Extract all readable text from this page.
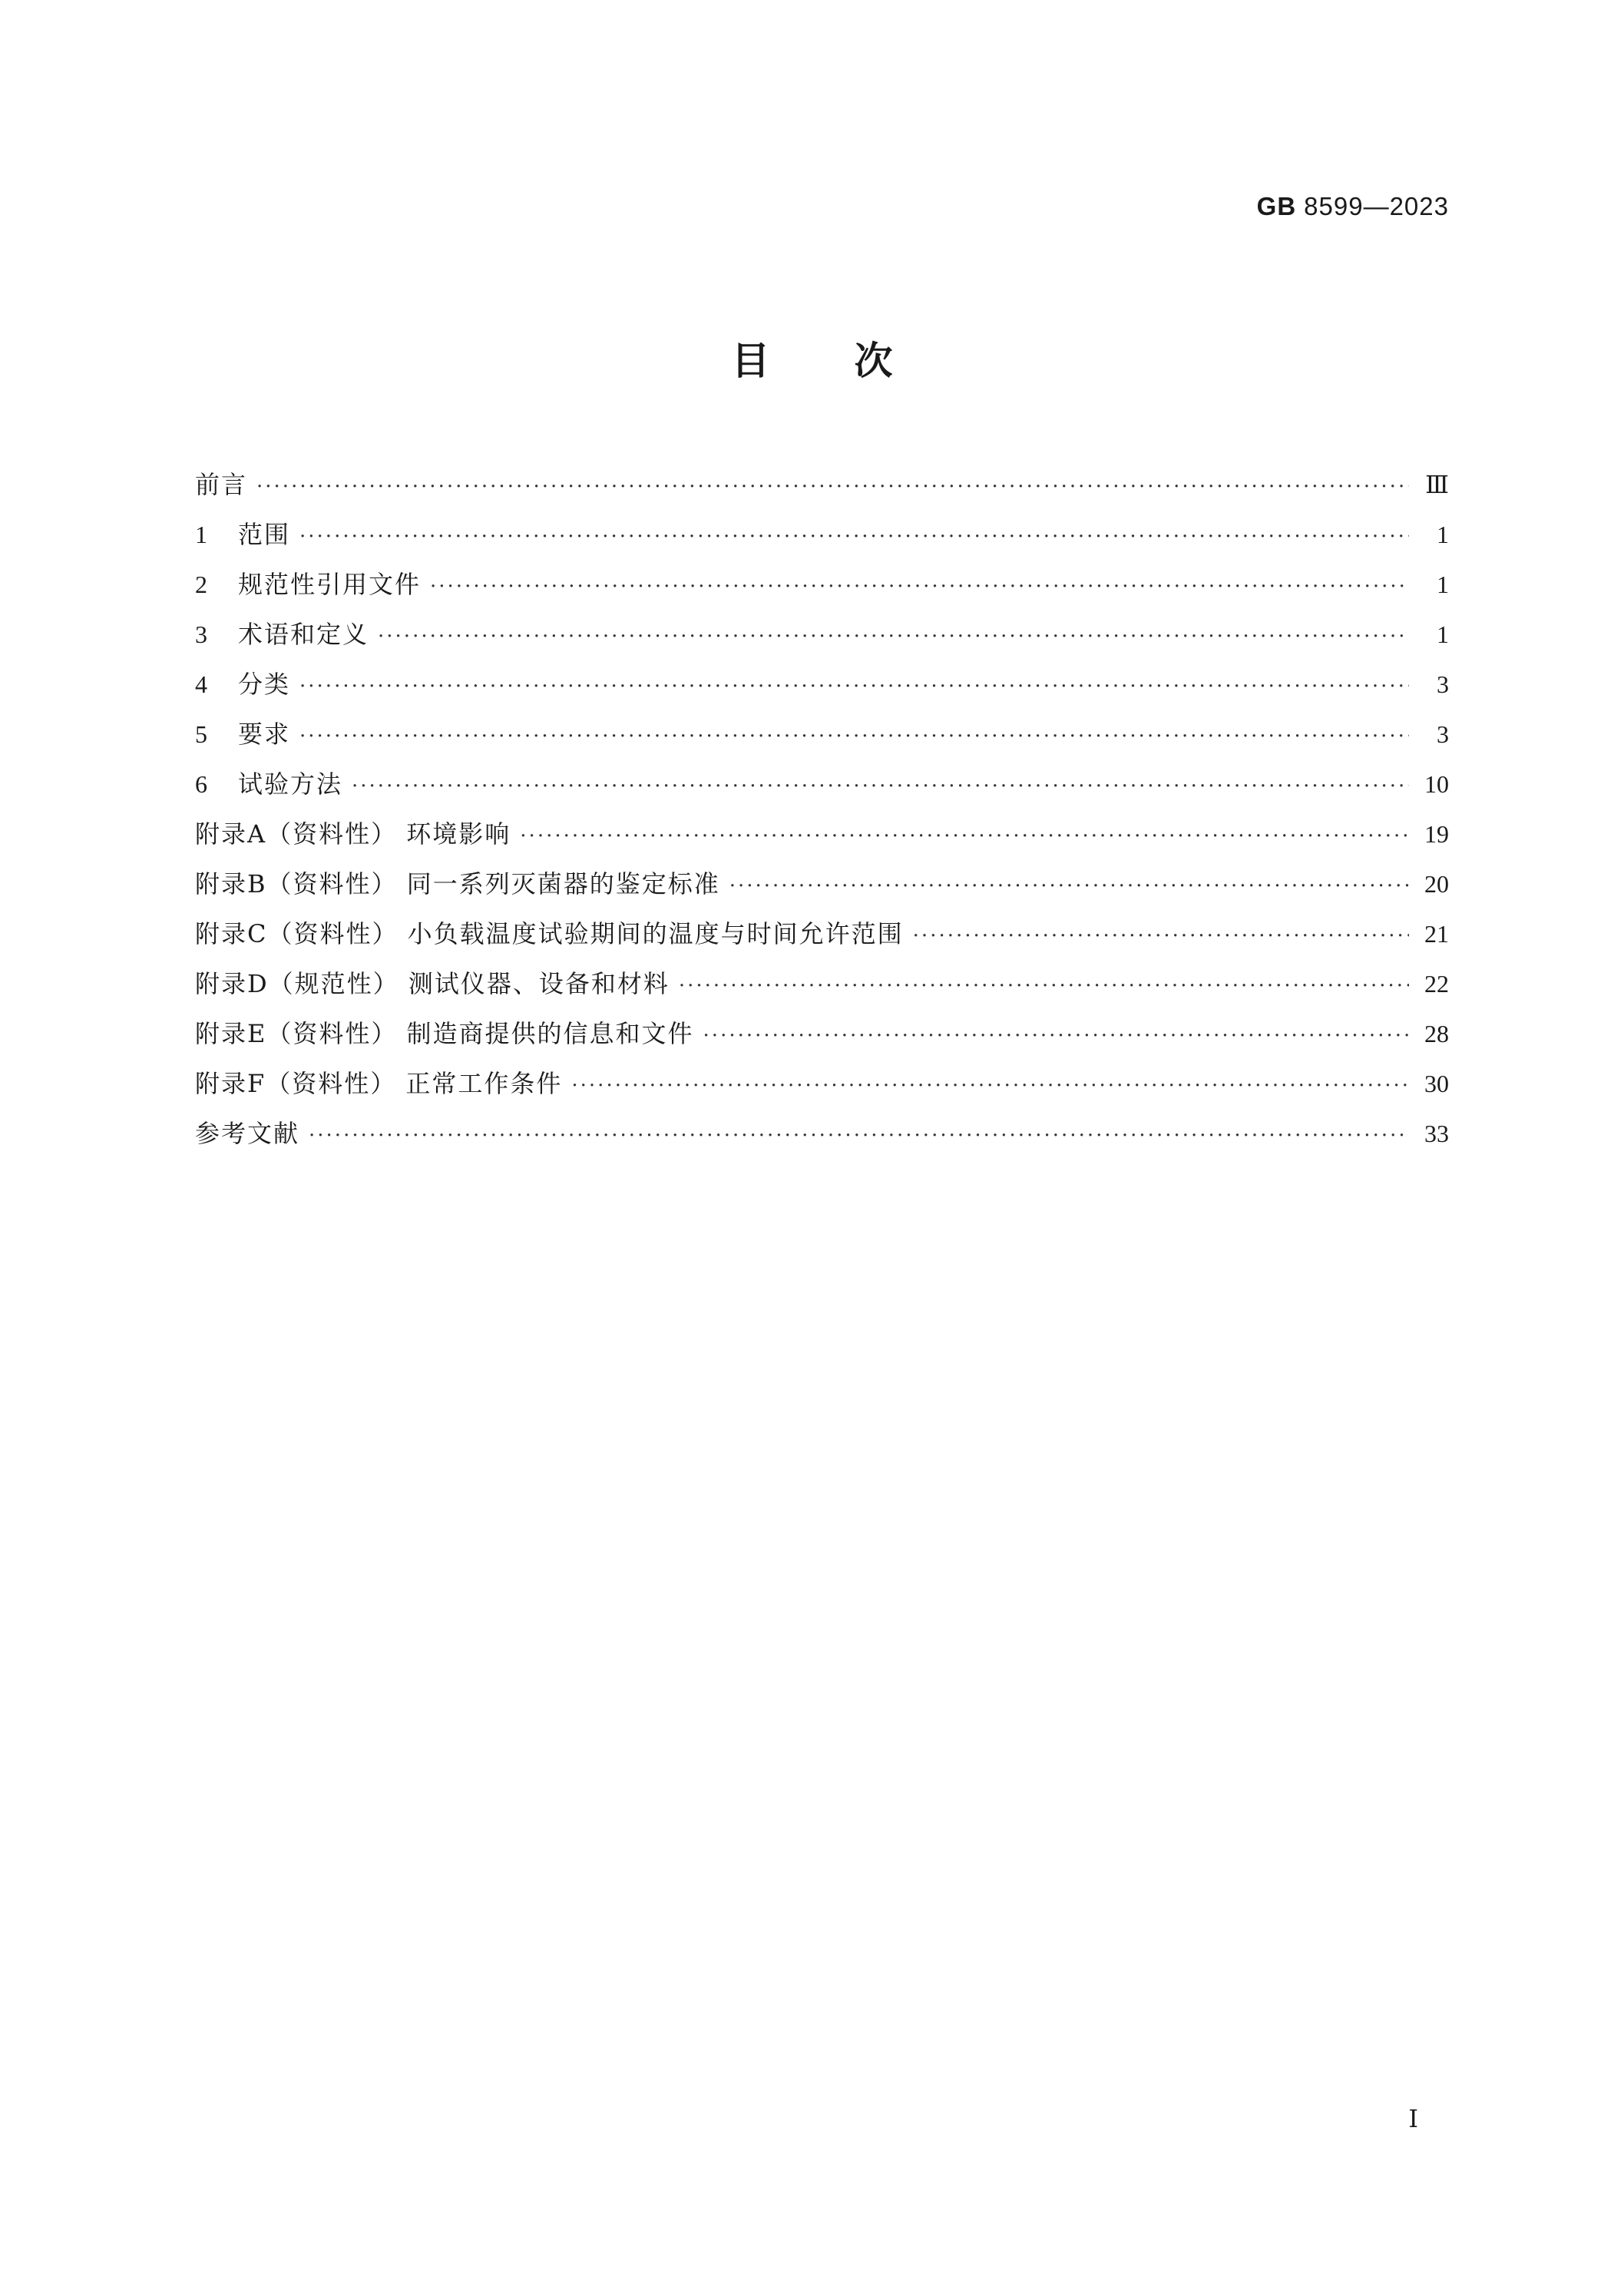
GB 8599—2023
目次
前言 ·····	Ⅲ
1	范围 ·····	1
2	规范性引用文件 ·····	1
3	术语和定义 ·····	1
4	分类 ·····	3
5	要求 ·····	3
6	试验方法 ·····	10
附录A（资料性） 环境影响 ·····	19
附录B（资料性） 同一系列灭菌器的鉴定标准 ·····	20
附录C（资料性） 小负载温度试验期间的温度与时间允许范围 ·····	21
附录D（规范性） 测试仪器、设备和材料 ·····	22
附录E（资料性） 制造商提供的信息和文件 ·····	28
附录F（资料性） 正常工作条件 ·····	30
参考文献 ·····	33
Ⅰ
